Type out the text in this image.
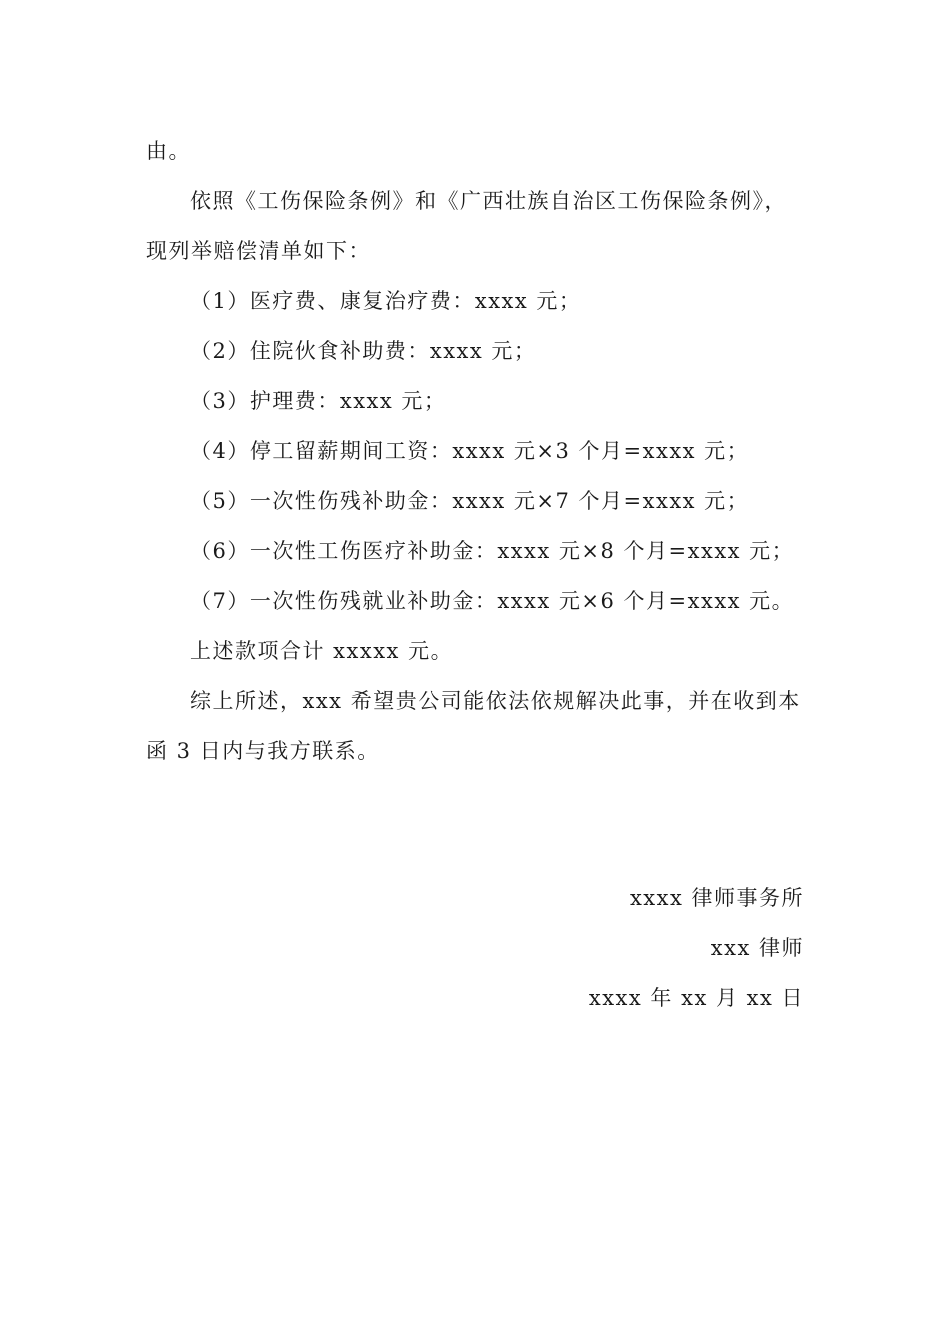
由。
依照《工伤保险条例》和《广西壮族自治区工伤保险条例》，
现列举赔偿清单如下：
（1）医疗费、康复治疗费：xxxx 元；
（2）住院伙食补助费：xxxx 元；
（3）护理费：xxxx 元；
（4）停工留薪期间工资：xxxx 元×3 个月=xxxx 元；
（5）一次性伤残补助金：xxxx 元×7 个月=xxxx 元；
（6）一次性工伤医疗补助金：xxxx 元×8 个月=xxxx 元；
（7）一次性伤残就业补助金：xxxx 元×6 个月=xxxx 元。
上述款项合计 xxxxx 元。
综上所述，xxx 希望贵公司能依法依规解决此事，并在收到本
函 3 日内与我方联系。
xxxx 律师事务所
xxx 律师
xxxx 年 xx 月 xx 日
